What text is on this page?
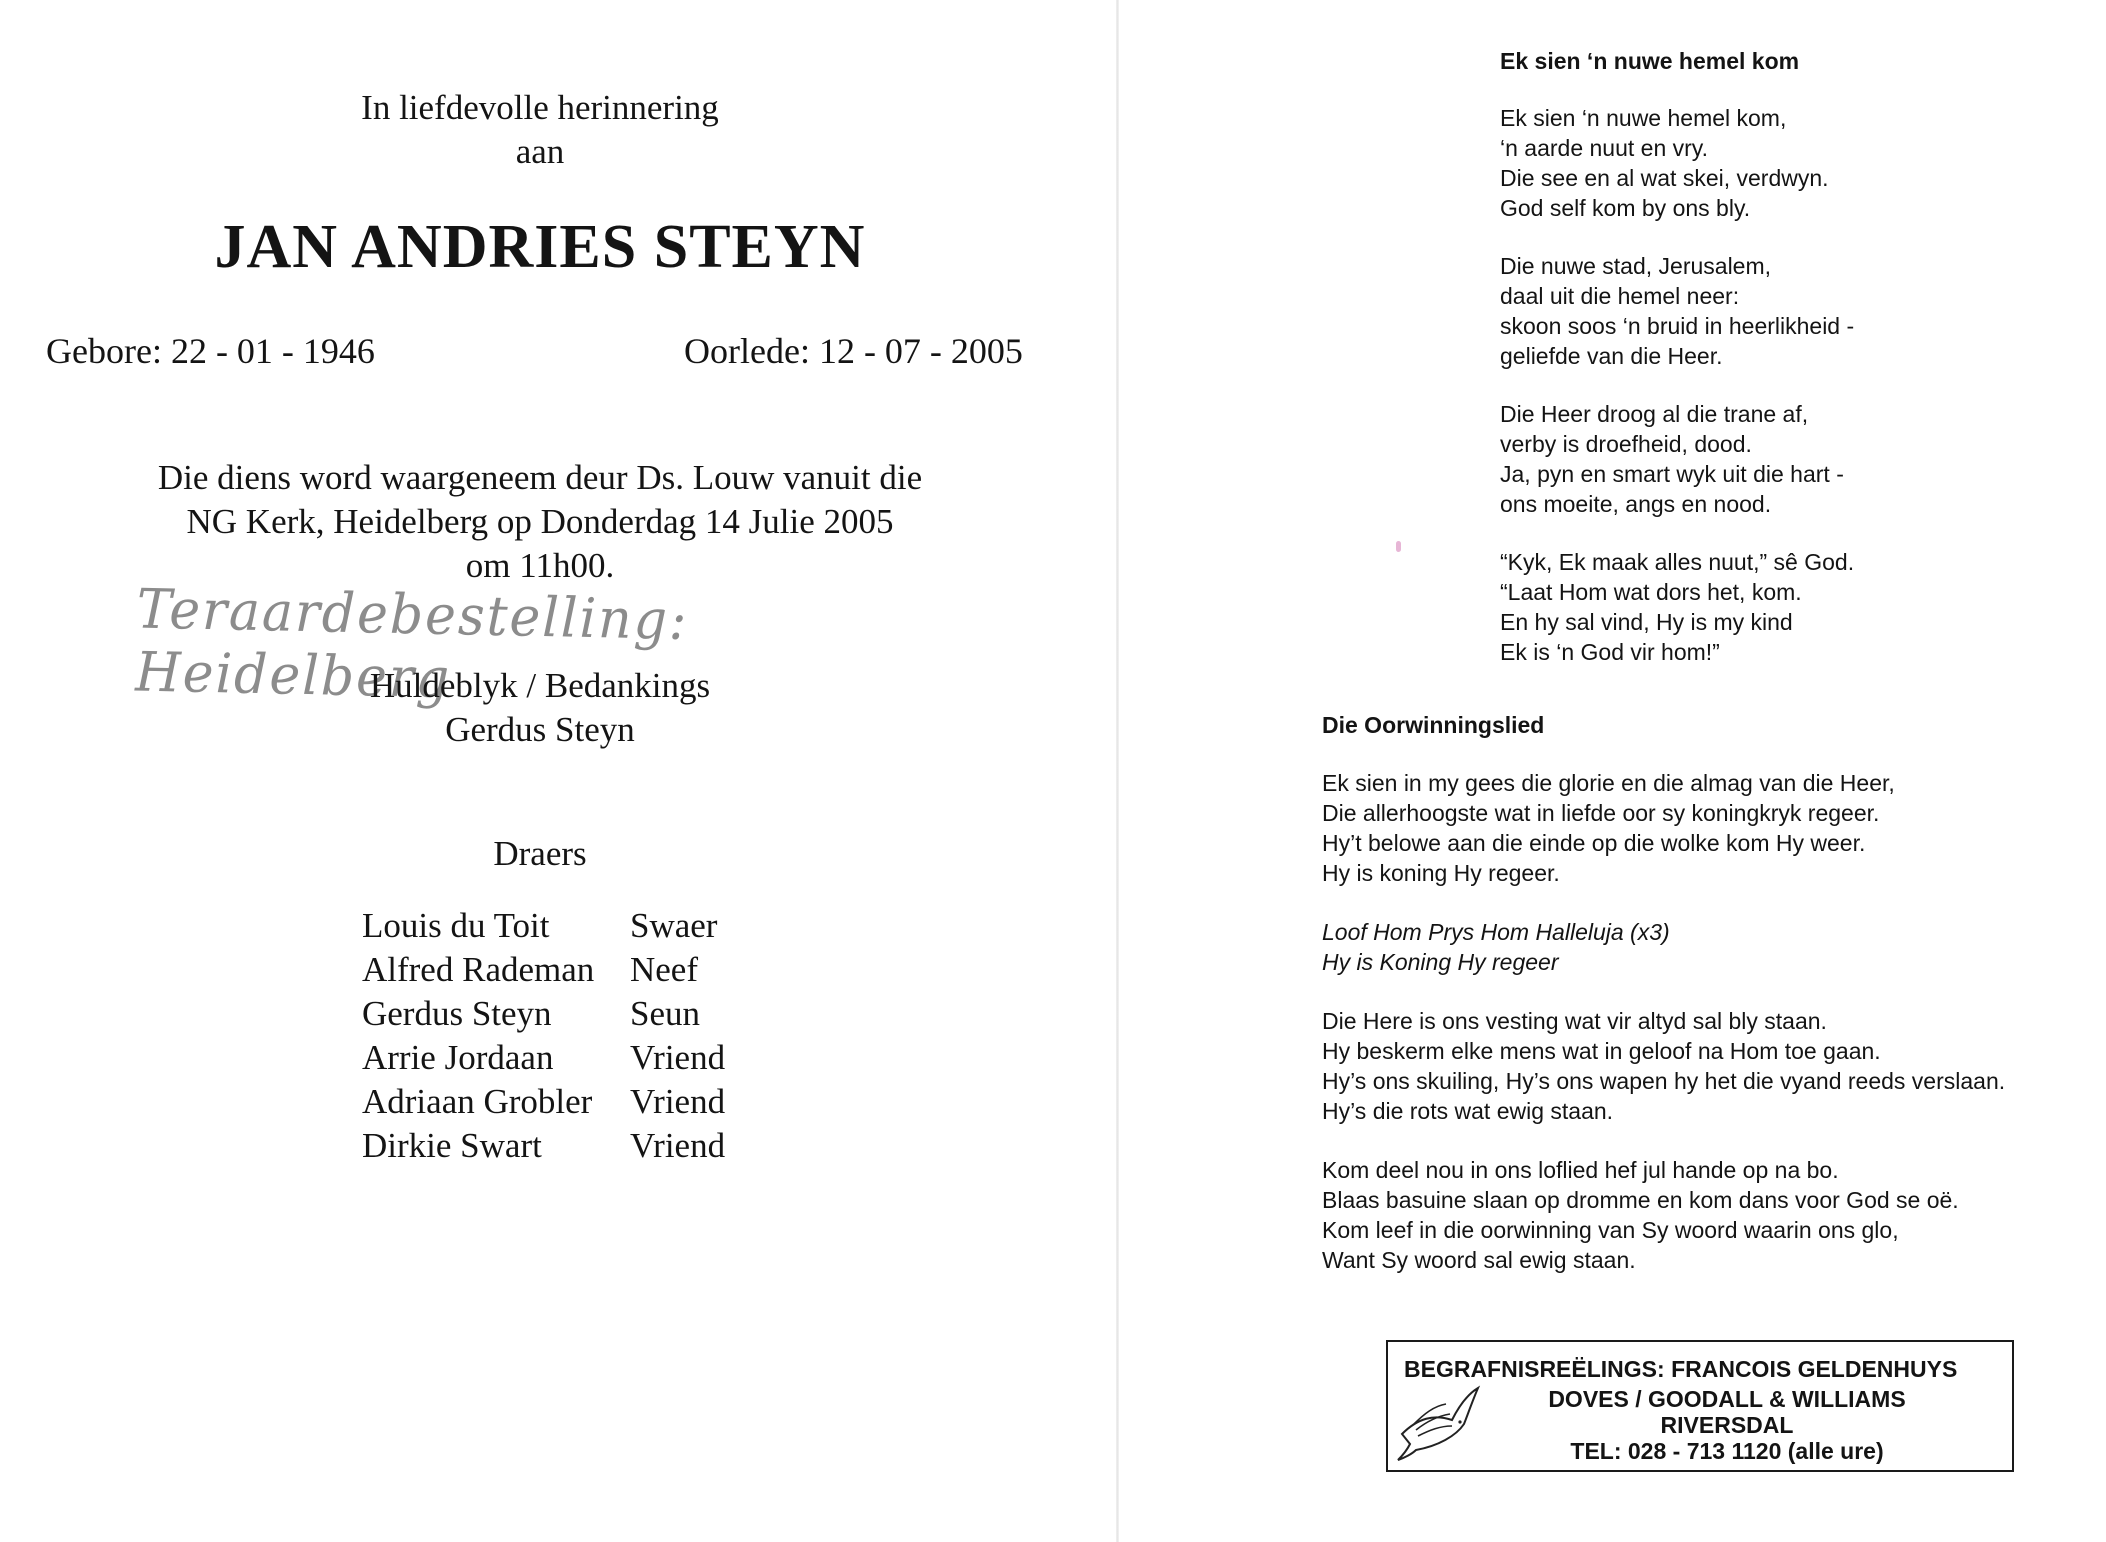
In liefdevolle herinnering
aan
JAN ANDRIES STEYN
Gebore: 22 - 01 - 1946	Oorlede: 12 - 07 - 2005
Die diens word waargeneem deur Ds. Louw vanuit die
NG Kerk, Heidelberg op Donderdag 14 Julie 2005
om 11h00.
Teraardebestelling: Heidelberg
Huldeblyk / Bedankings
Gerdus Steyn
Draers
Louis du Toit	Swaer
Alfred Rademan	Neef
Gerdus Steyn	Seun
Arrie Jordaan	Vriend
Adriaan Grobler	Vriend
Dirkie Swart	Vriend
Ek sien ‘n nuwe hemel kom

Ek sien ‘n nuwe hemel kom,
‘n aarde nuut en vry.
Die see en al wat skei, verdwyn.
God self kom by ons bly.

Die nuwe stad, Jerusalem,
daal uit die hemel neer:
skoon soos ‘n bruid in heerlikheid -
geliefde van die Heer.

Die Heer droog al die trane af,
verby is droefheid, dood.
Ja, pyn en smart wyk uit die hart -
ons moeite, angs en nood.

“Kyk, Ek maak alles nuut,” sê God.
“Laat Hom wat dors het, kom.
En hy sal vind, Hy is my kind
Ek is ‘n God vir hom!”

Die Oorwinningslied

Ek sien in my gees die glorie en die almag van die Heer,
Die allerhoogste wat in liefde oor sy koningkryk regeer.
Hy’t belowe aan die einde op die wolke kom Hy weer.
Hy is koning Hy regeer.

Loof Hom Prys Hom Halleluja (x3)
Hy is Koning Hy regeer

Die Here is ons vesting wat vir altyd sal bly staan.
Hy beskerm elke mens wat in geloof na Hom toe gaan.
Hy’s ons skuiling, Hy’s ons wapen hy het die vyand reeds verslaan.
Hy’s die rots wat ewig staan.

Kom deel nou in ons loflied hef jul hande op na bo.
Blaas basuine slaan op dromme en kom dans voor God se oë.
Kom leef in die oorwinning van Sy woord waarin ons glo,
Want Sy woord sal ewig staan.

BEGRAFNISREËLINGS: FRANCOIS GELDENHUYS
DOVES / GOODALL & WILLIAMS
RIVERSDAL
TEL: 028 - 713 1120 (alle ure)
